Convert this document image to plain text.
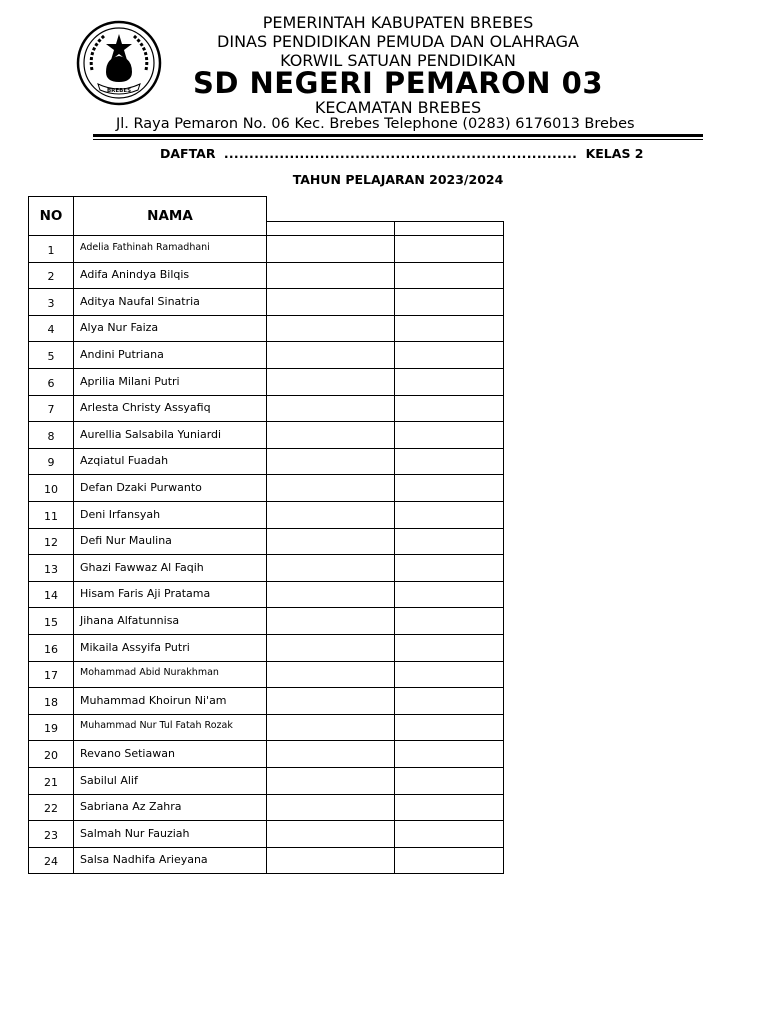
BREBES
PEMERINTAH KABUPATEN BREBES
DINAS PENDIDIKAN PEMUDA DAN OLAHRAGA
KORWIL SATUAN PENDIDIKAN
SD NEGERI PEMARON 03
KECAMATAN BREBES
Jl. Raya Pemaron No. 06 Kec. Brebes Telephone (0283) 6176013 Brebes
DAFTAR ...................................................................... KELAS 2
TAHUN PELAJARAN 2023/2024
NO	NAMA
1	Adelia Fathinah Ramadhani
2	Adifa Anindya Bilqis
3	Aditya Naufal Sinatria
4	Alya Nur Faiza
5	Andini Putriana
6	Aprilia Milani Putri
7	Arlesta Christy Assyafiq
8	Aurellia Salsabila Yuniardi
9	Azqiatul Fuadah
10	Defan Dzaki Purwanto
11	Deni Irfansyah
12	Defi Nur Maulina
13	Ghazi Fawwaz Al Faqih
14	Hisam Faris Aji Pratama
15	Jihana Alfatunnisa
16	Mikaila Assyifa Putri
17	Mohammad Abid Nurakhman
18	Muhammad Khoirun Ni'am
19	Muhammad Nur Tul Fatah Rozak
20	Revano Setiawan
21	Sabilul Alif
22	Sabriana Az Zahra
23	Salmah Nur Fauziah
24	Salsa Nadhifa Arieyana
